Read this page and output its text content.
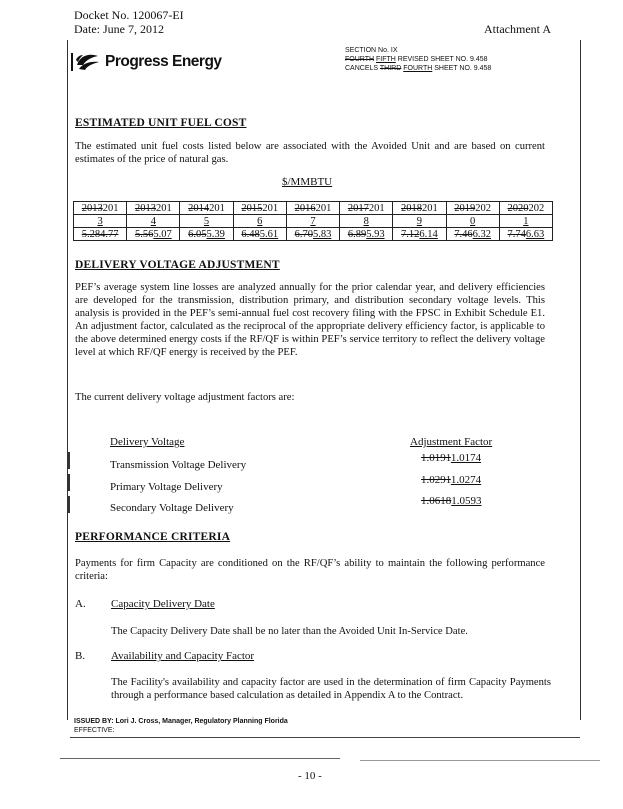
Docket No. 120067-EI
Date: June 7, 2012	Attachment A
Progress Energy
SECTION No. IX
FOURTH FIFTH REVISED SHEET NO. 9.458
CANCELS THIRD FOURTH SHEET NO. 9.458
ESTIMATED UNIT FUEL COST
The estimated unit fuel costs listed below are associated with the Avoided Unit and are based on current estimates of the price of natural gas.
$/MMBTU
2013201	2013201	2014201	2015201	2016201	2017201	2018201	2019202	2020202
3	4	5	6	7	8	9	0	1
5.284.77	5.565.07	6.055.39	6.485.61	6.705.83	6.895.93	7.126.14	7.466.32	7.746.63
DELIVERY VOLTAGE ADJUSTMENT
PEF’s average system line losses are analyzed annually for the prior calendar year, and delivery efficiencies are developed for the transmission, distribution primary, and distribution secondary voltage levels. This analysis is provided in the PEF’s semi-annual fuel cost recovery filing with the FPSC in Exhibit Schedule E1. An adjustment factor, calculated as the reciprocal of the appropriate delivery efficiency factor, is applicable to the above determined energy costs if the RF/QF is within PEF’s service territory to reflect the delivery voltage level at which RF/QF energy is received by the PEF.
The current delivery voltage adjustment factors are:
Delivery Voltage	Adjustment Factor
Transmission Voltage Delivery
1.01911.0174
Primary Voltage Delivery
1.02911.0274
Secondary Voltage Delivery
1.06181.0593
PERFORMANCE CRITERIA
Payments for firm Capacity are conditioned on the RF/QF’s ability to maintain the following performance criteria:
A. Capacity Delivery Date
The Capacity Delivery Date shall be no later than the Avoided Unit In-Service Date.
B. Availability and Capacity Factor
The Facility's availability and capacity factor are used in the determination of firm Capacity Payments through a performance based calculation as detailed in Appendix A to the Contract.
ISSUED BY: Lori J. Cross, Manager, Regulatory Planning Florida
EFFECTIVE:
- 10 -
